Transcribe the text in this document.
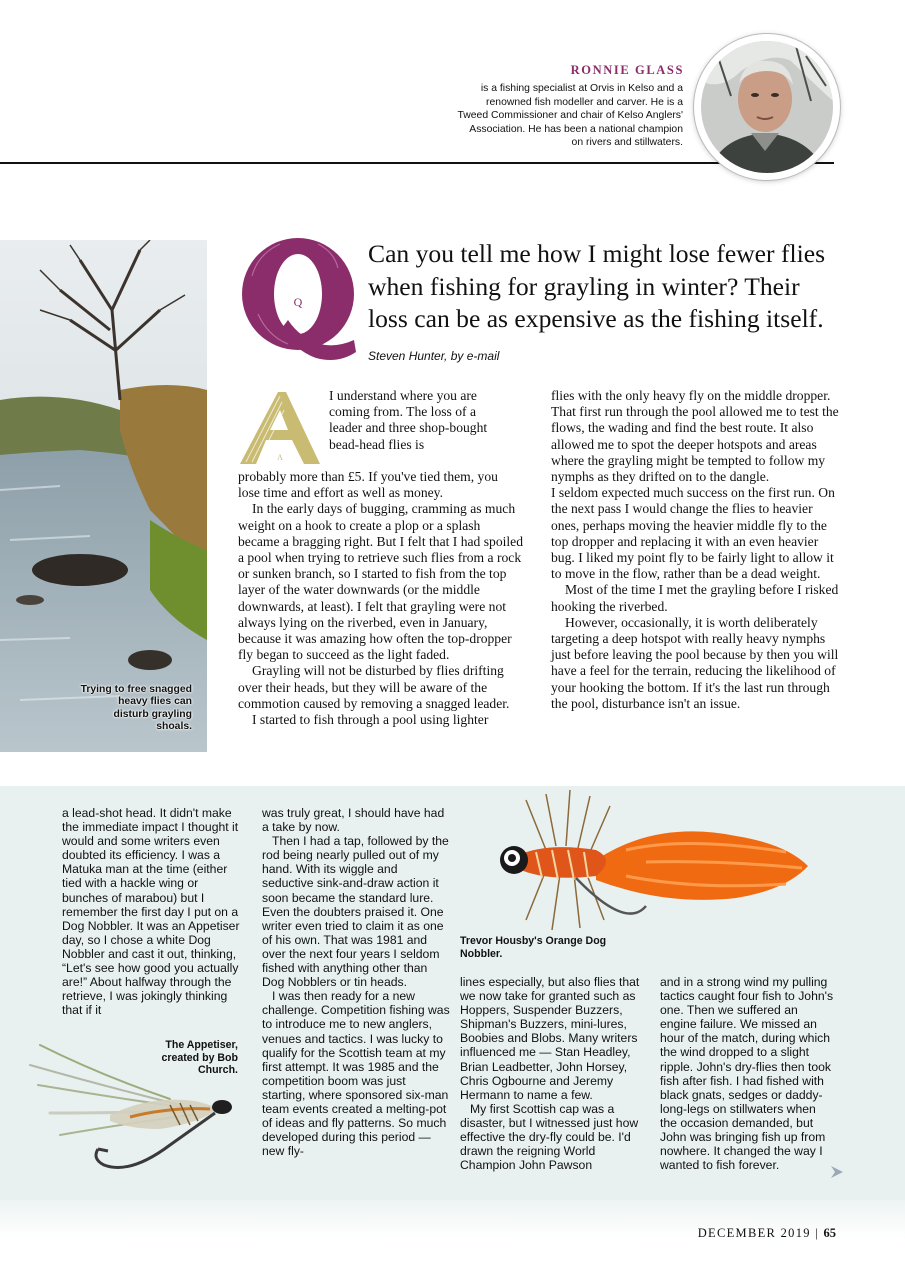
RONNIE GLASS
is a fishing specialist at Orvis in Kelso and a renowned fish modeller and carver. He is a Tweed Commissioner and chair of Kelso Anglers' Association. He has been a national champion on rivers and stillwaters.
Trying to free snagged heavy flies can disturb grayling shoals.
Q
Can you tell me how I might lose fewer flies when fishing for grayling in winter? Their loss can be as expensive as the fishing itself. Steven Hunter, by e-mail
A

I understand where you are coming from. The loss of a leader and three shop-bought bead-head flies is

probably more than £5. If you've tied them, you lose time and effort as well as money.

In the early days of bugging, cramming as much weight on a hook to create a plop or a splash became a bragging right. But I felt that I had spoiled a pool when trying to retrieve such flies from a rock or sunken branch, so I started to fish from the top layer of the water downwards (or the middle downwards, at least). I felt that grayling were not always lying on the riverbed, even in January, because it was amazing how often the top-dropper fly began to succeed as the light faded.

Grayling will not be disturbed by flies drifting over their heads, but they will be aware of the commotion caused by removing a snagged leader.

I started to fish through a pool using lighter

flies with the only heavy fly on the middle dropper. That first run through the pool allowed me to test the flows, the wading and find the best route. It also allowed me to spot the deeper hotspots and areas where the grayling might be tempted to follow my nymphs as they drifted on to the dangle.

I seldom expected much success on the first run. On the next pass I would change the flies to heavier ones, perhaps moving the heavier middle fly to the top dropper and replacing it with an even heavier bug. I liked my point fly to be fairly light to allow it to move in the flow, rather than be a dead weight.

Most of the time I met the grayling before I risked hooking the riverbed.

However, occasionally, it is worth deliberately targeting a deep hotspot with really heavy nymphs just before leaving the pool because by then you will have a feel for the terrain, reducing the likelihood of your hooking the bottom. If it's the last run through the pool, disturbance isn't an issue.

a lead-shot head. It didn't make the immediate impact I thought it would and some writers even doubted its efficiency. I was a Matuka man at the time (either tied with a hackle wing or bunches of marabou) but I remember the first day I put on a Dog Nobbler. It was an Appetiser day, so I chose a white Dog Nobbler and cast it out, thinking, “Let's see how good you actually are!” About halfway through the retrieve, I was jokingly thinking that if it

was truly great, I should have had a take by now.

Then I had a tap, followed by the rod being nearly pulled out of my hand. With its wiggle and seductive sink-and-draw action it soon became the standard lure. Even the doubters praised it. One writer even tried to claim it as one of his own. That was 1981 and over the next four years I seldom fished with anything other than Dog Nobblers or tin heads.

I was then ready for a new challenge. Competition fishing was to introduce me to new anglers, venues and tactics. I was lucky to qualify for the Scottish team at my first attempt. It was 1985 and the competition boom was just starting, where sponsored six-man team events created a melting-pot of ideas and fly patterns. So much developed during this period — new fly-

lines especially, but also flies that we now take for granted such as Hoppers, Suspender Buzzers, Shipman's Buzzers, mini-lures, Boobies and Blobs. Many writers influenced me — Stan Headley, Brian Leadbetter, John Horsey, Chris Ogbourne and Jeremy Hermann to name a few.

My first Scottish cap was a disaster, but I witnessed just how effective the dry-fly could be. I'd drawn the reigning World Champion John Pawson

and in a strong wind my pulling tactics caught four fish to John's one. Then we suffered an engine failure. We missed an hour of the match, during which the wind dropped to a slight ripple. John's dry-flies then took fish after fish. I had fished with black gnats, sedges or daddy-long-legs on stillwaters when the occasion demanded, but John was bringing fish up from nowhere. It changed the way I wanted to fish forever.

The Appetiser, created by Bob Church.
Trevor Housby's Orange Dog Nobbler.
DECEMBER 2019 | 65
